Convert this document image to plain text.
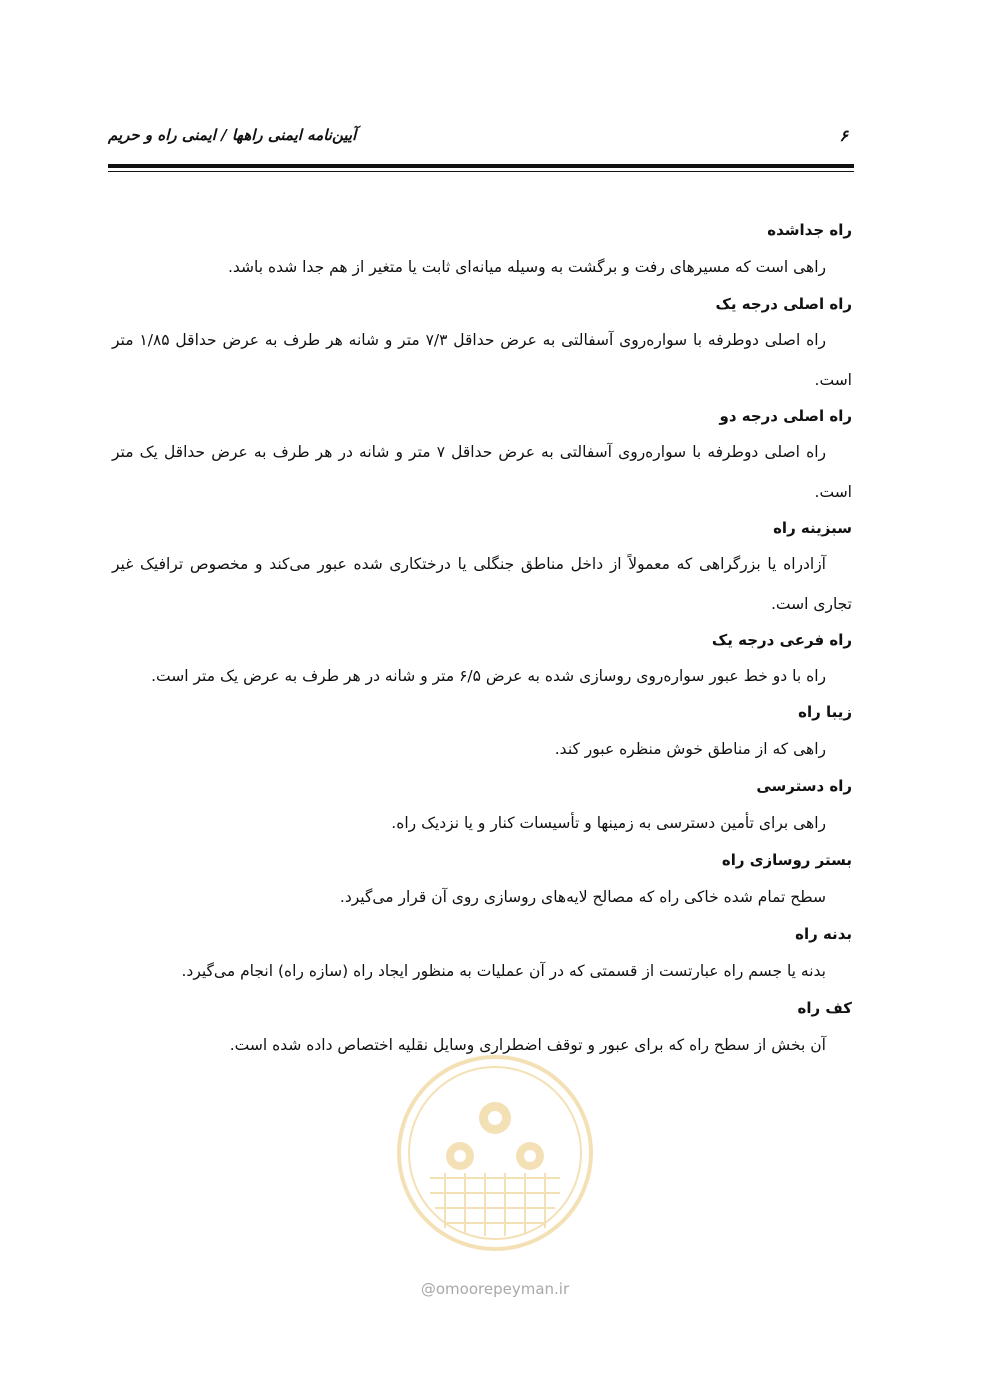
آیین‌نامه ایمنی راهها / ایمنی راه و حریم	۶

راه جداشده

راهی است که مسیرهای رفت و برگشت به وسیله میانه‌ای ثابت یا متغیر از هم جدا شده باشد.

راه اصلی درجه یک

راه اصلی دوطرفه با سواره‌روی آسفالتی به عرض حداقل ۷/۳ متر و شانه هر طرف به عرض حداقل ۱/۸۵ متر است.

راه اصلی درجه دو

راه اصلی دوطرفه با سواره‌روی آسفالتی به عرض حداقل ۷ متر و شانه در هر طرف به عرض حداقل یک متر است.

سبزینه راه

آزادراه یا بزرگراهی که معمولاً از داخل مناطق جنگلی یا درختکاری شده عبور می‌کند و مخصوص ترافیک غیر تجاری است.

راه فرعی درجه یک

راه با دو خط عبور سواره‌روی روسازی شده به عرض ۶/۵ متر و شانه در هر طرف به عرض یک متر است.

زیبا راه

راهی که از مناطق خوش منظره عبور کند.

راه دسترسی

راهی برای تأمین دسترسی به زمینها و تأسیسات کنار و یا نزدیک راه.

بستر روسازی راه

سطح تمام شده خاکی راه که مصالح لایه‌های روسازی روی آن قرار می‌گیرد.

بدنه راه

بدنه یا جسم راه عبارتست از قسمتی که در آن عملیات به منظور ایجاد راه (سازه راه) انجام می‌گیرد.

کف راه

آن بخش از سطح راه که برای عبور و توقف اضطراری وسایل نقلیه اختصاص داده شده است.

@omoorepeyman.ir
